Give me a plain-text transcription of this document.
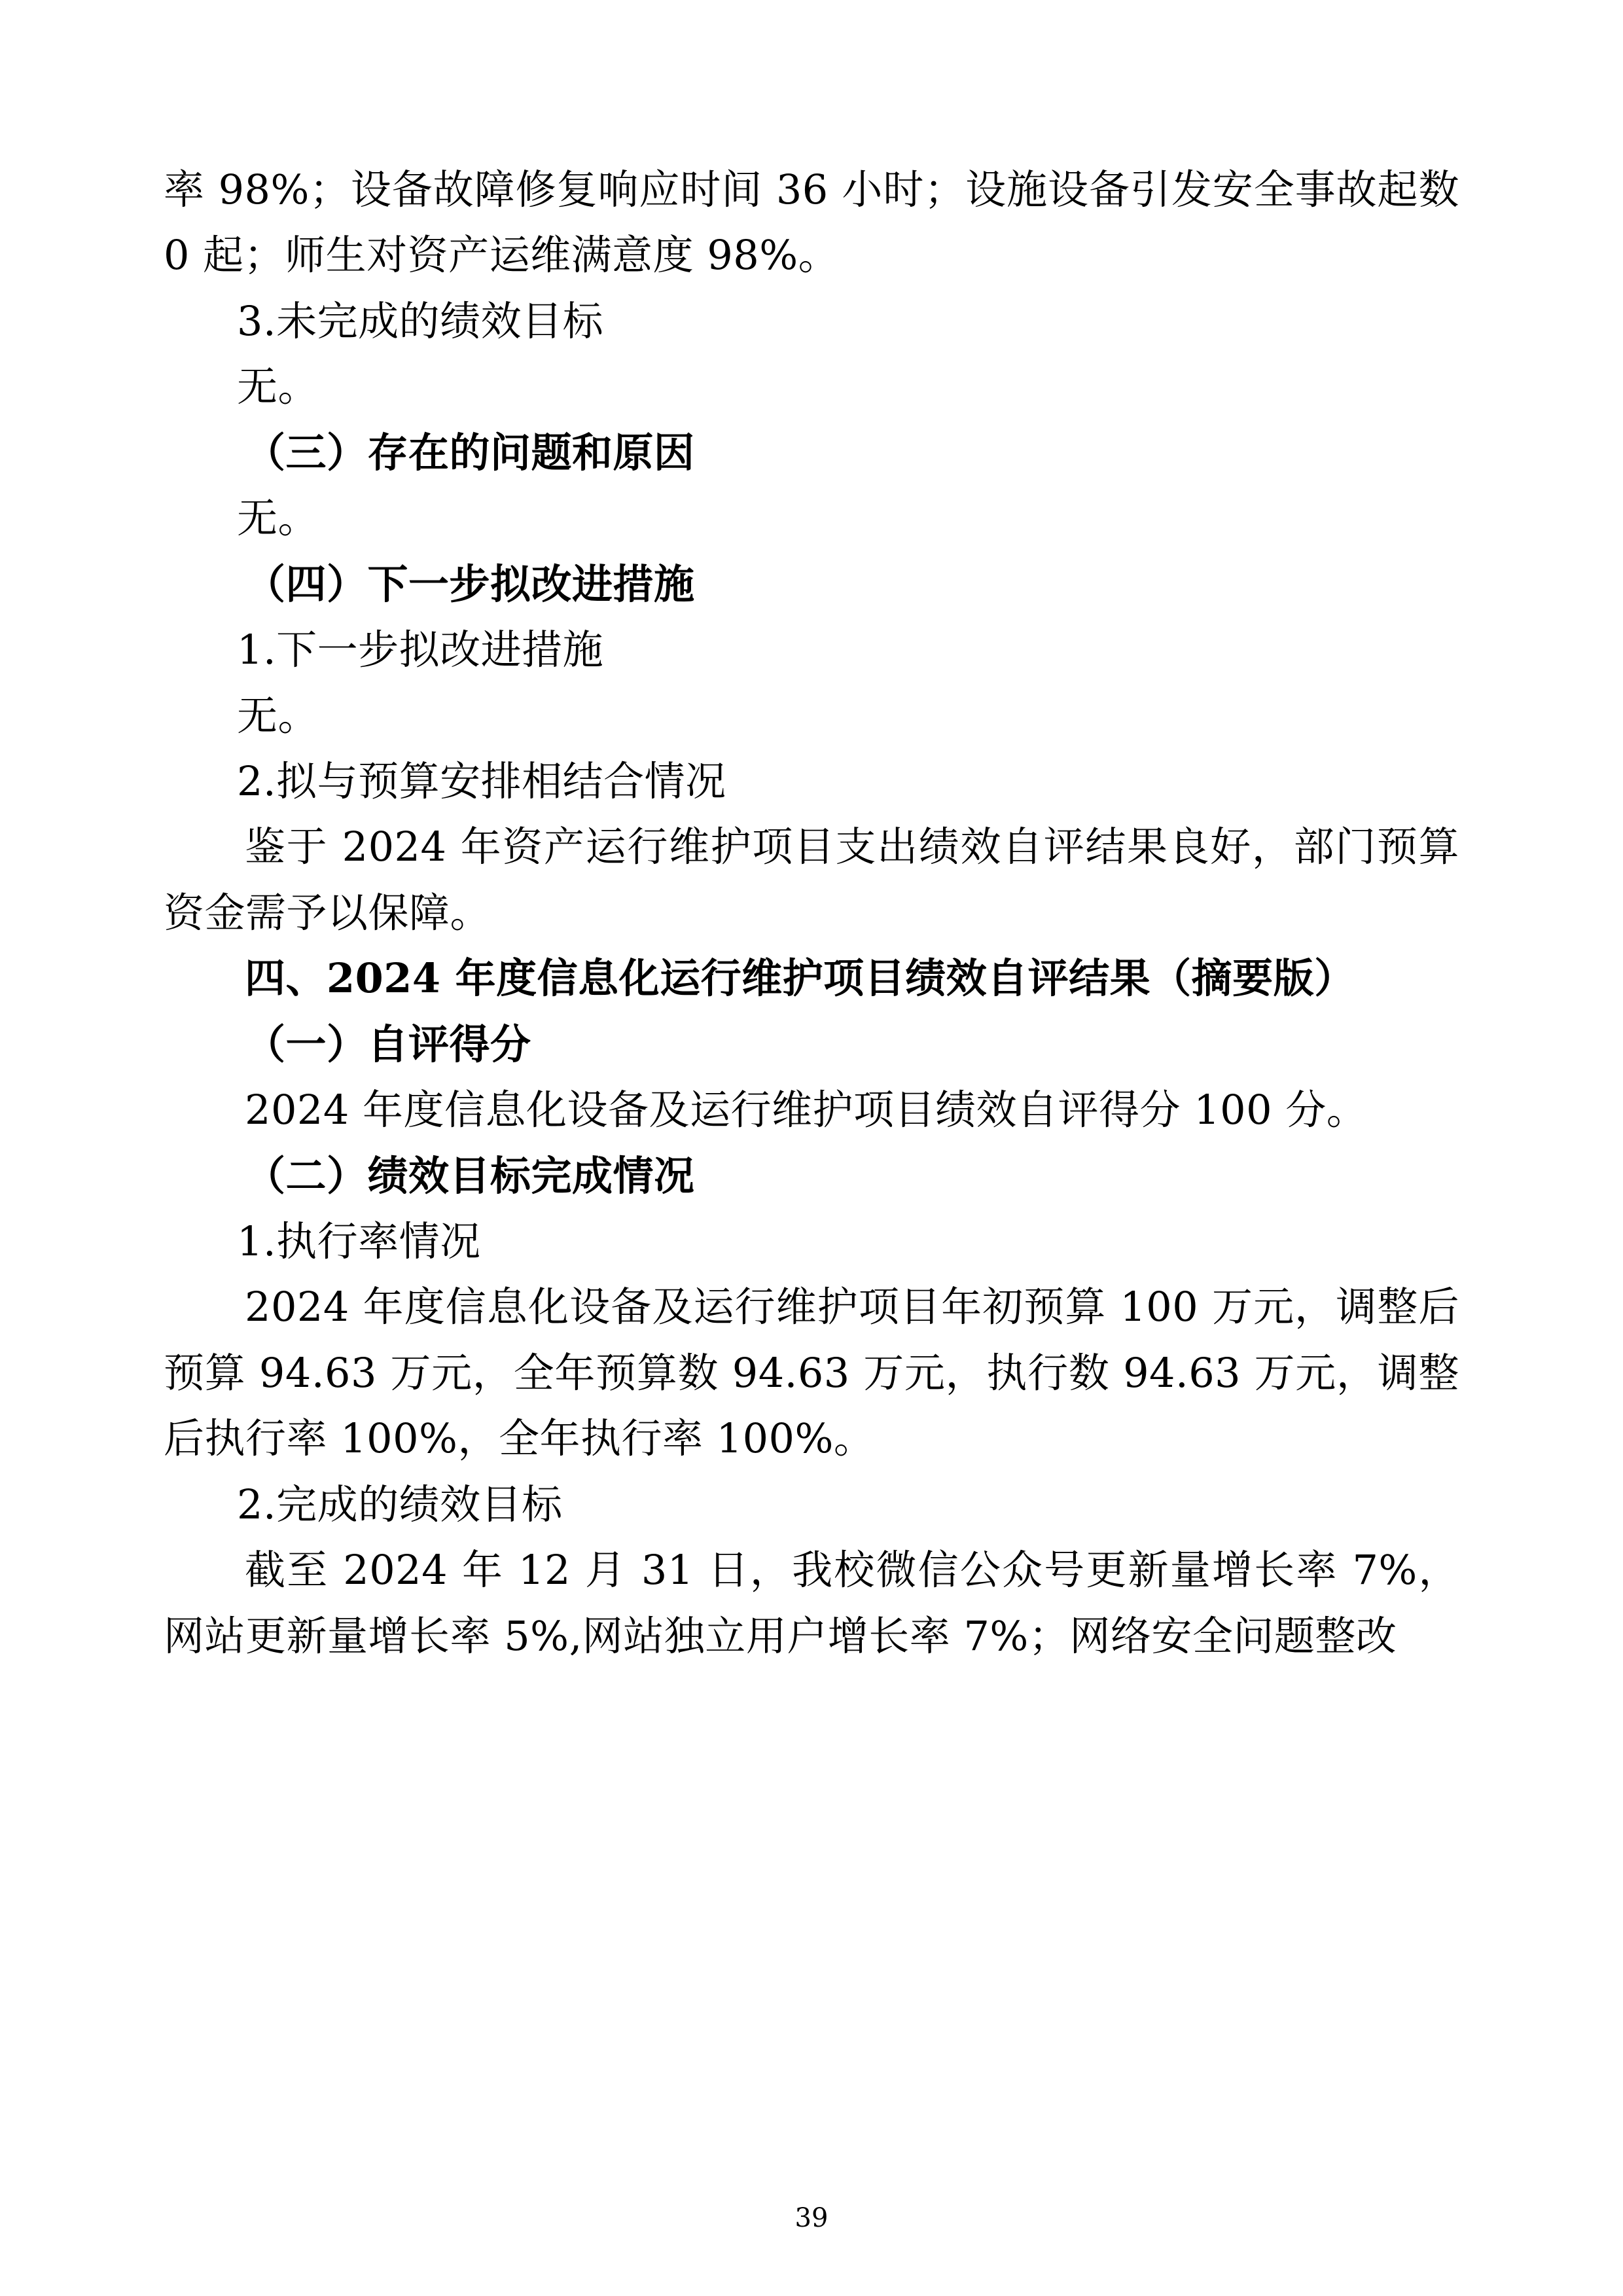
率 98%；设备故障修复响应时间 36 小时；设施设备引发安全事故起数 0 起；师生对资产运维满意度 98%。

3.未完成的绩效目标

无。

（三）存在的问题和原因

无。

（四）下一步拟改进措施

1.下一步拟改进措施

无。

2.拟与预算安排相结合情况

鉴于 2024 年资产运行维护项目支出绩效自评结果良好，部门预算资金需予以保障。

四、2024 年度信息化运行维护项目绩效自评结果（摘要版）

（一）自评得分

2024 年度信息化设备及运行维护项目绩效自评得分 100 分。

（二）绩效目标完成情况

1.执行率情况

2024 年度信息化设备及运行维护项目年初预算 100 万元，调整后预算 94.63 万元，全年预算数 94.63 万元，执行数 94.63 万元，调整后执行率 100%，全年执行率 100%。

2.完成的绩效目标

截至 2024 年 12 月 31 日，我校微信公众号更新量增长率 7%，网站更新量增长率 5%,网站独立用户增长率 7%；网络安全问题整改

39
